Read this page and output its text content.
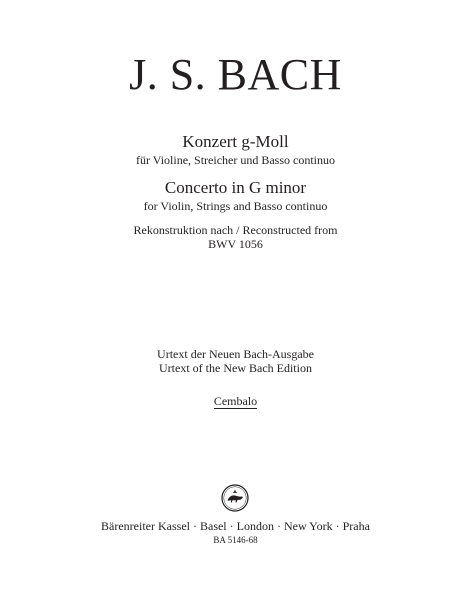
J. S. BACH
Konzert g-Moll
für Violine, Streicher und Basso continuo
Concerto in G minor
for Violin, Strings and Basso continuo
Rekonstruktion nach / Reconstructed from
BWV 1056
Urtext der Neuen Bach-Ausgabe
Urtext of the New Bach Edition
Cembalo
Bärenreiter Kassel · Basel · London · New York · Praha
BA 5146-68
